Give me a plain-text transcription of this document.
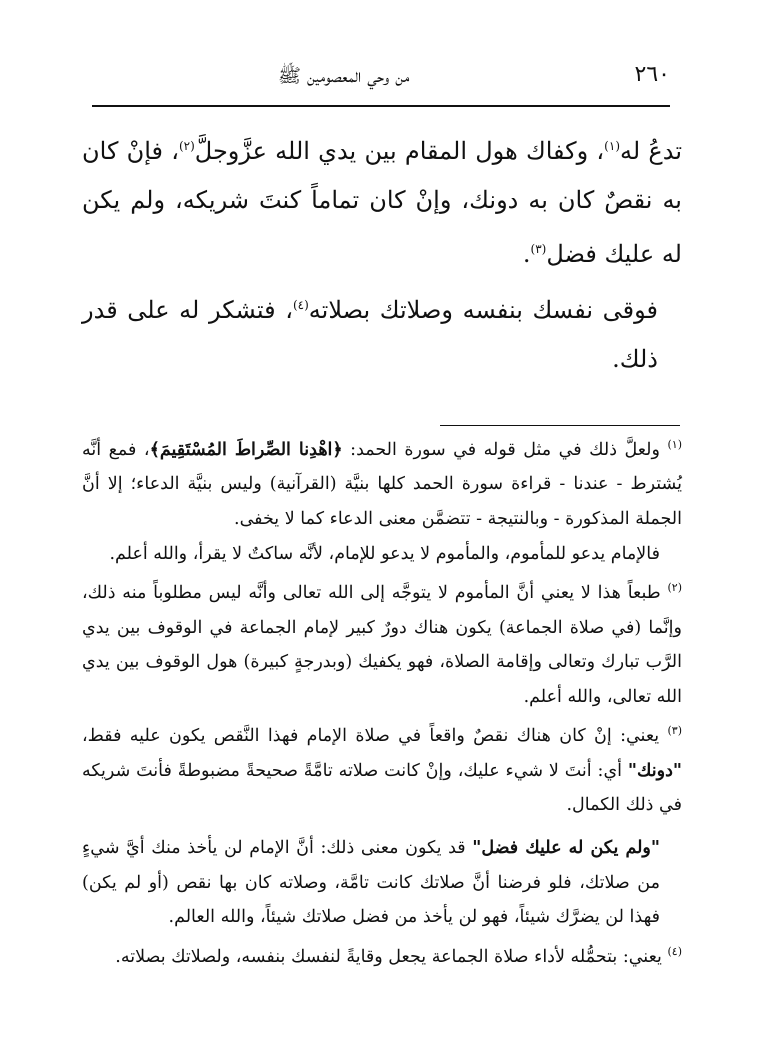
٢٦٠
من وحي المعصومين ﷺ

تدعُ له$^{(١)}$، وكفاك هول المقام بين يدي الله عزَّوجلَّ$^{(٢)}$، فإنْ كان به نقصٌ كان به دونك، وإنْ كان تماماً كنتَ شريكه، ولم يكن له عليك فضل$^{(٣)}$.

فوقى نفسك بنفسه وصلاتك بصلاته$^{(٤)}$، فتشكر له على قدر ذلك.

$^{(١)}$ ولعلَّ ذلك في مثل قوله في سورة الحمد: ﴿اهْدِنا الصِّراطَ المُسْتَقِيمَ﴾، فمع أنَّه يُشترط - عندنا - قراءة سورة الحمد كلها بنيَّة (القرآنية) وليس بنيَّة الدعاء؛ إلا أنَّ الجملة المذكورة - وبالنتيجة - تتضمَّن معنى الدعاء كما لا يخفى.

فالإمام يدعو للمأموم، والمأموم لا يدعو للإمام، لأنَّه ساكتٌ لا يقرأ، والله أعلم.

$^{(٢)}$ طبعاً هذا لا يعني أنَّ المأموم لا يتوجَّه إلى الله تعالى وأنَّه ليس مطلوباً منه ذلك، وإنَّما (في صلاة الجماعة) يكون هناك دورٌ كبير لإمام الجماعة في الوقوف بين يدي الرَّب تبارك وتعالى وإقامة الصلاة، فهو يكفيك (وبدرجةٍ كبيرة) هول الوقوف بين يدي الله تعالى، والله أعلم.

$^{(٣)}$ يعني: إنْ كان هناك نقصٌ واقعاً في صلاة الإمام فهذا النَّقص يكون عليه فقط، "دونك" أي: أنتَ لا شيء عليك، وإنْ كانت صلاته تامَّةً صحيحةً مضبوطةً فأنتَ شريكه في ذلك الكمال.

"ولم يكن له عليك فضل" قد يكون معنى ذلك: أنَّ الإمام لن يأخذ منك أيَّ شيءٍ من صلاتك، فلو فرضنا أنَّ صلاتك كانت تامَّة، وصلاته كان بها نقص (أو لم يكن) فهذا لن يضرَّك شيئاً، فهو لن يأخذ من فضل صلاتك شيئاً، والله العالم.

$^{(٤)}$ يعني: بتحمُّله لأداء صلاة الجماعة يجعل وقايةً لنفسك بنفسه، ولصلاتك بصلاته.
